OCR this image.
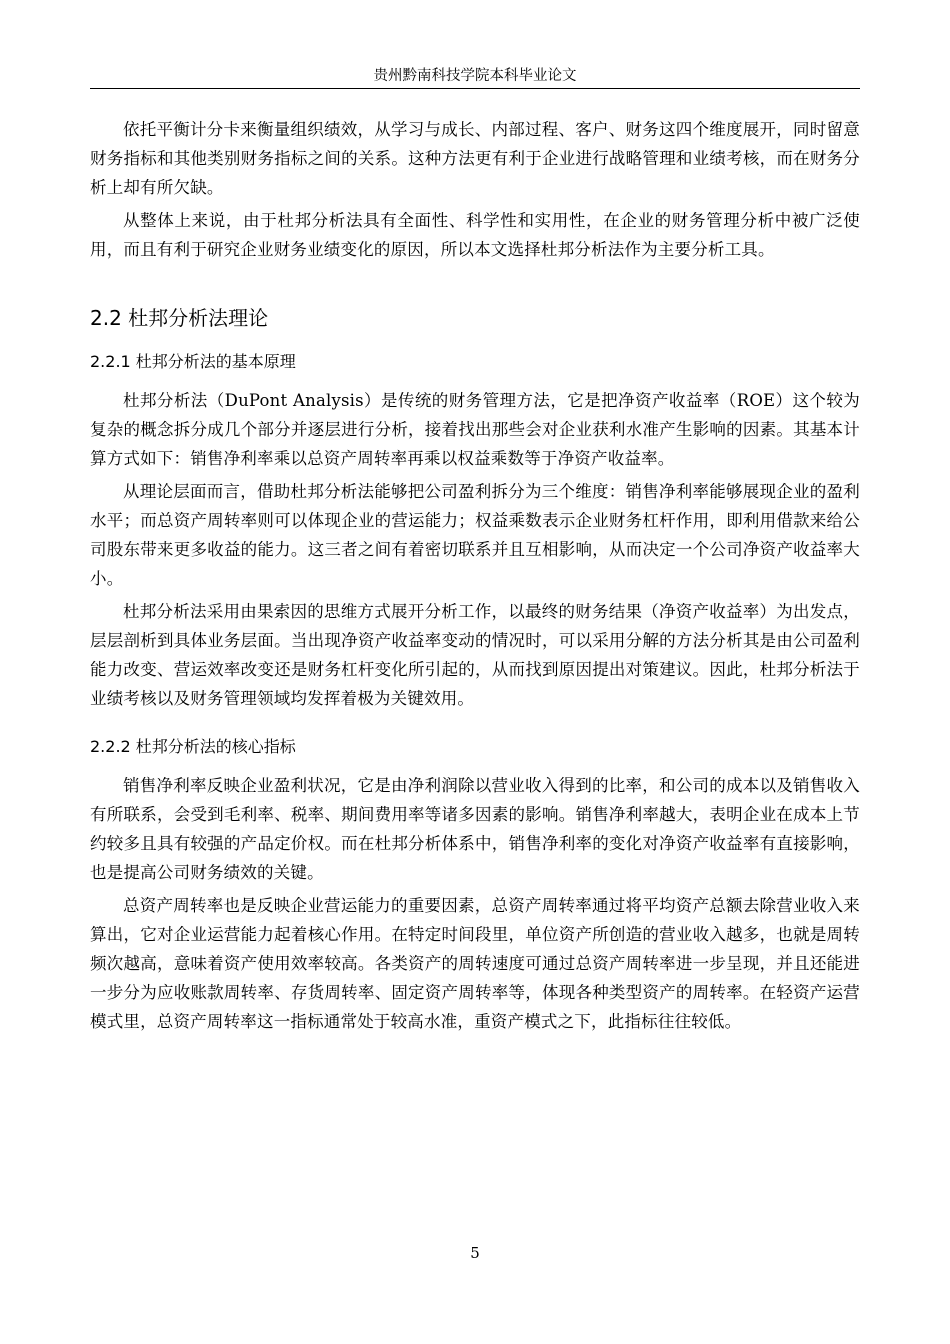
贵州黔南科技学院本科毕业论文

依托平衡计分卡来衡量组织绩效，从学习与成长、内部过程、客户、财务这四个维度展开，同时留意财务指标和其他类别财务指标之间的关系。这种方法更有利于企业进行战略管理和业绩考核，而在财务分析上却有所欠缺。

从整体上来说，由于杜邦分析法具有全面性、科学性和实用性，在企业的财务管理分析中被广泛使用，而且有利于研究企业财务业绩变化的原因，所以本文选择杜邦分析法作为主要分析工具。

2.2 杜邦分析法理论
2.2.1 杜邦分析法的基本原理

杜邦分析法（DuPont Analysis）是传统的财务管理方法，它是把净资产收益率（ROE）这个较为复杂的概念拆分成几个部分并逐层进行分析，接着找出那些会对企业获利水准产生影响的因素。其基本计算方式如下：销售净利率乘以总资产周转率再乘以权益乘数等于净资产收益率。

从理论层面而言，借助杜邦分析法能够把公司盈利拆分为三个维度：销售净利率能够展现企业的盈利水平；而总资产周转率则可以体现企业的营运能力；权益乘数表示企业财务杠杆作用，即利用借款来给公司股东带来更多收益的能力。这三者之间有着密切联系并且互相影响，从而决定一个公司净资产收益率大小。

杜邦分析法采用由果索因的思维方式展开分析工作，以最终的财务结果（净资产收益率）为出发点，层层剖析到具体业务层面。当出现净资产收益率变动的情况时，可以采用分解的方法分析其是由公司盈利能力改变、营运效率改变还是财务杠杆变化所引起的，从而找到原因提出对策建议。因此，杜邦分析法于业绩考核以及财务管理领域均发挥着极为关键效用。

2.2.2 杜邦分析法的核心指标

销售净利率反映企业盈利状况，它是由净利润除以营业收入得到的比率，和公司的成本以及销售收入有所联系，会受到毛利率、税率、期间费用率等诸多因素的影响。销售净利率越大，表明企业在成本上节约较多且具有较强的产品定价权。而在杜邦分析体系中，销售净利率的变化对净资产收益率有直接影响，也是提高公司财务绩效的关键。

总资产周转率也是反映企业营运能力的重要因素，总资产周转率通过将平均资产总额去除营业收入来算出，它对企业运营能力起着核心作用。在特定时间段里，单位资产所创造的营业收入越多，也就是周转频次越高，意味着资产使用效率较高。各类资产的周转速度可通过总资产周转率进一步呈现，并且还能进一步分为应收账款周转率、存货周转率、固定资产周转率等，体现各种类型资产的周转率。在轻资产运营模式里，总资产周转率这一指标通常处于较高水准，重资产模式之下，此指标往往较低。

5
